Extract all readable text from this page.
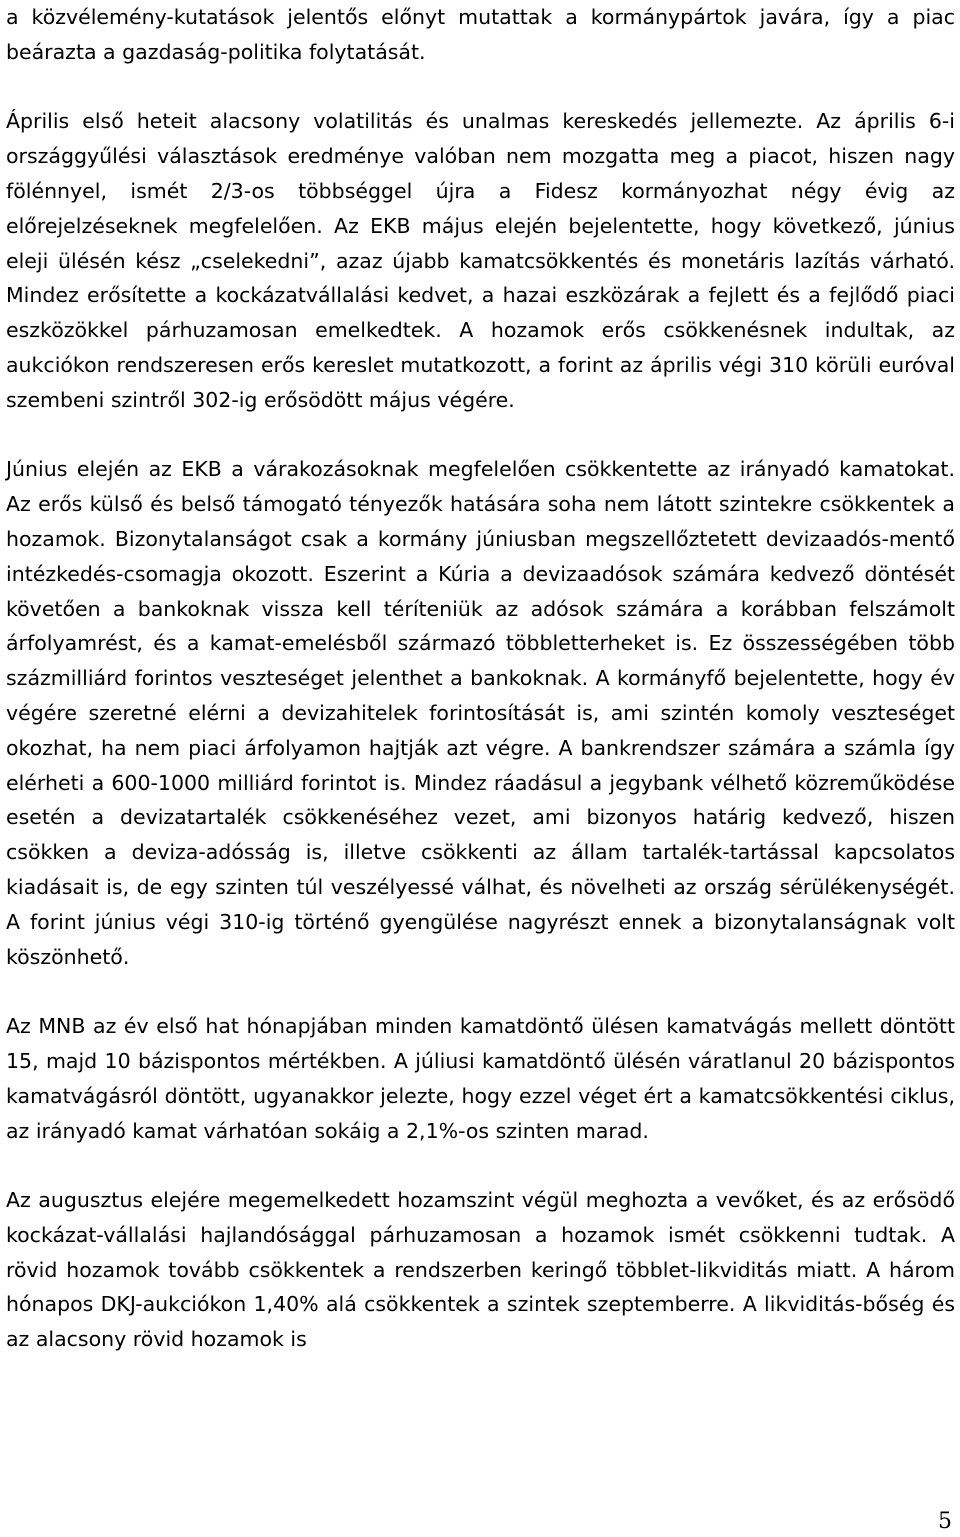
a közvélemény-kutatások jelentős előnyt mutattak a kormánypártok javára, így a piac beárazta a gazdaság-politika folytatását.

Április első heteit alacsony volatilitás és unalmas kereskedés jellemezte. Az április 6-i országgyűlési választások eredménye valóban nem mozgatta meg a piacot, hiszen nagy fölénnyel, ismét 2/3-os többséggel újra a Fidesz kormányozhat négy évig az előrejelzéseknek megfelelően. Az EKB május elején bejelentette, hogy következő, június eleji ülésén kész „cselekedni”, azaz újabb kamatcsökkentés és monetáris lazítás várható. Mindez erősítette a kockázatvállalási kedvet, a hazai eszközárak a fejlett és a fejlődő piaci eszközökkel párhuzamosan emelkedtek. A hozamok erős csökkenésnek indultak, az aukciókon rendszeresen erős kereslet mutatkozott, a forint az április végi 310 körüli euróval szembeni szintről 302-ig erősödött május végére.

Június elején az EKB a várakozásoknak megfelelően csökkentette az irányadó kamatokat. Az erős külső és belső támogató tényezők hatására soha nem látott szintekre csökkentek a hozamok. Bizonytalanságot csak a kormány júniusban megszellőztetett devizaadós-mentő intézkedés-csomagja okozott. Eszerint a Kúria a devizaadósok számára kedvező döntését követően a bankoknak vissza kell téríteniük az adósok számára a korábban felszámolt árfolyamrést, és a kamat-emelésből származó többletterheket is. Ez összességében több százmilliárd forintos veszteséget jelenthet a bankoknak. A kormányfő bejelentette, hogy év végére szeretné elérni a devizahitelek forintosítását is, ami szintén komoly veszteséget okozhat, ha nem piaci árfolyamon hajtják azt végre. A bankrendszer számára a számla így elérheti a 600-1000 milliárd forintot is. Mindez ráadásul a jegybank vélhető közreműködése esetén a devizatartalék csökkenéséhez vezet, ami bizonyos határig kedvező, hiszen csökken a deviza-adósság is, illetve csökkenti az állam tartalék-tartással kapcsolatos kiadásait is, de egy szinten túl veszélyessé válhat, és növelheti az ország sérülékenységét. A forint június végi 310-ig történő gyengülése nagyrészt ennek a bizonytalanságnak volt köszönhető.

Az MNB az év első hat hónapjában minden kamatdöntő ülésen kamatvágás mellett döntött 15, majd 10 bázispontos mértékben. A júliusi kamatdöntő ülésén váratlanul 20 bázispontos kamatvágásról döntött, ugyanakkor jelezte, hogy ezzel véget ért a kamatcsökkentési ciklus, az irányadó kamat várhatóan sokáig a 2,1%-os szinten marad.

Az augusztus elejére megemelkedett hozamszint végül meghozta a vevőket, és az erősödő kockázat-vállalási hajlandósággal párhuzamosan a hozamok ismét csökkenni tudtak. A rövid hozamok tovább csökkentek a rendszerben keringő többlet-likviditás miatt. A három hónapos DKJ-aukciókon 1,40% alá csökkentek a szintek szeptemberre. A likviditás-bőség és az alacsony rövid hozamok is

5
